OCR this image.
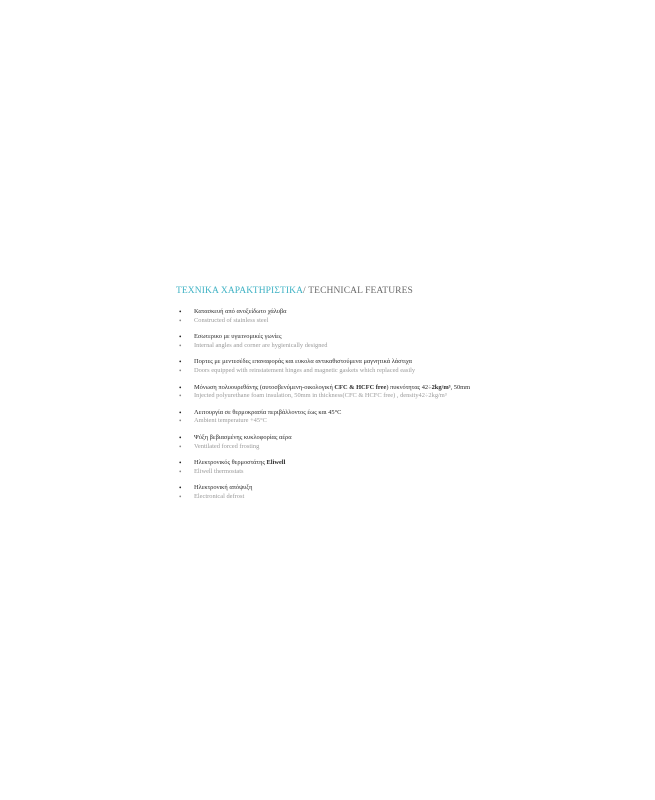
ΤΕΧΝΙΚΑ ΧΑΡΑΚΤΗΡΙΣΤΙΚΑ/ TECHNICAL FEATURES
• Κατασκευή από ανοξείδωτο χάλυβα
• Constructed of stainless steel
• Εσωτερικο με υγιεινομικές γωνίες
• Internal angles and corner are hygienically designed
• Πορτες με μεντεσέδες επαναφοράς και ευκολα αντικαθιστούμενα μαγνητικά λάστιχα
• Doors equipped with reinstatement hinges and magnetic gaskets which replaced easily
• Μόνωση πολυουρεθάνης (αυτοσβενύμενη-οικολογική CFC & HCFC free) πυκνότητας 42÷2kg/m³, 50mm
• Injected polyurethane foam insulation, 50mm in thickness(CFC & HCFC free) , density42÷2kg/m³
• Λειτουργία σε θερμοκρασία περιβάλλοντος έως και 45°C
• Ambient temperature +45°C
• Ψύξη βεβιασμένης κυκλοφορίας αέρα
• Ventilated forced frosting
• Ηλεκτρονικός θερμοστάτης Eliwell
• Eliwell thermostats
• Ηλεκτρονική απόψυξη
• Electronical defrost
